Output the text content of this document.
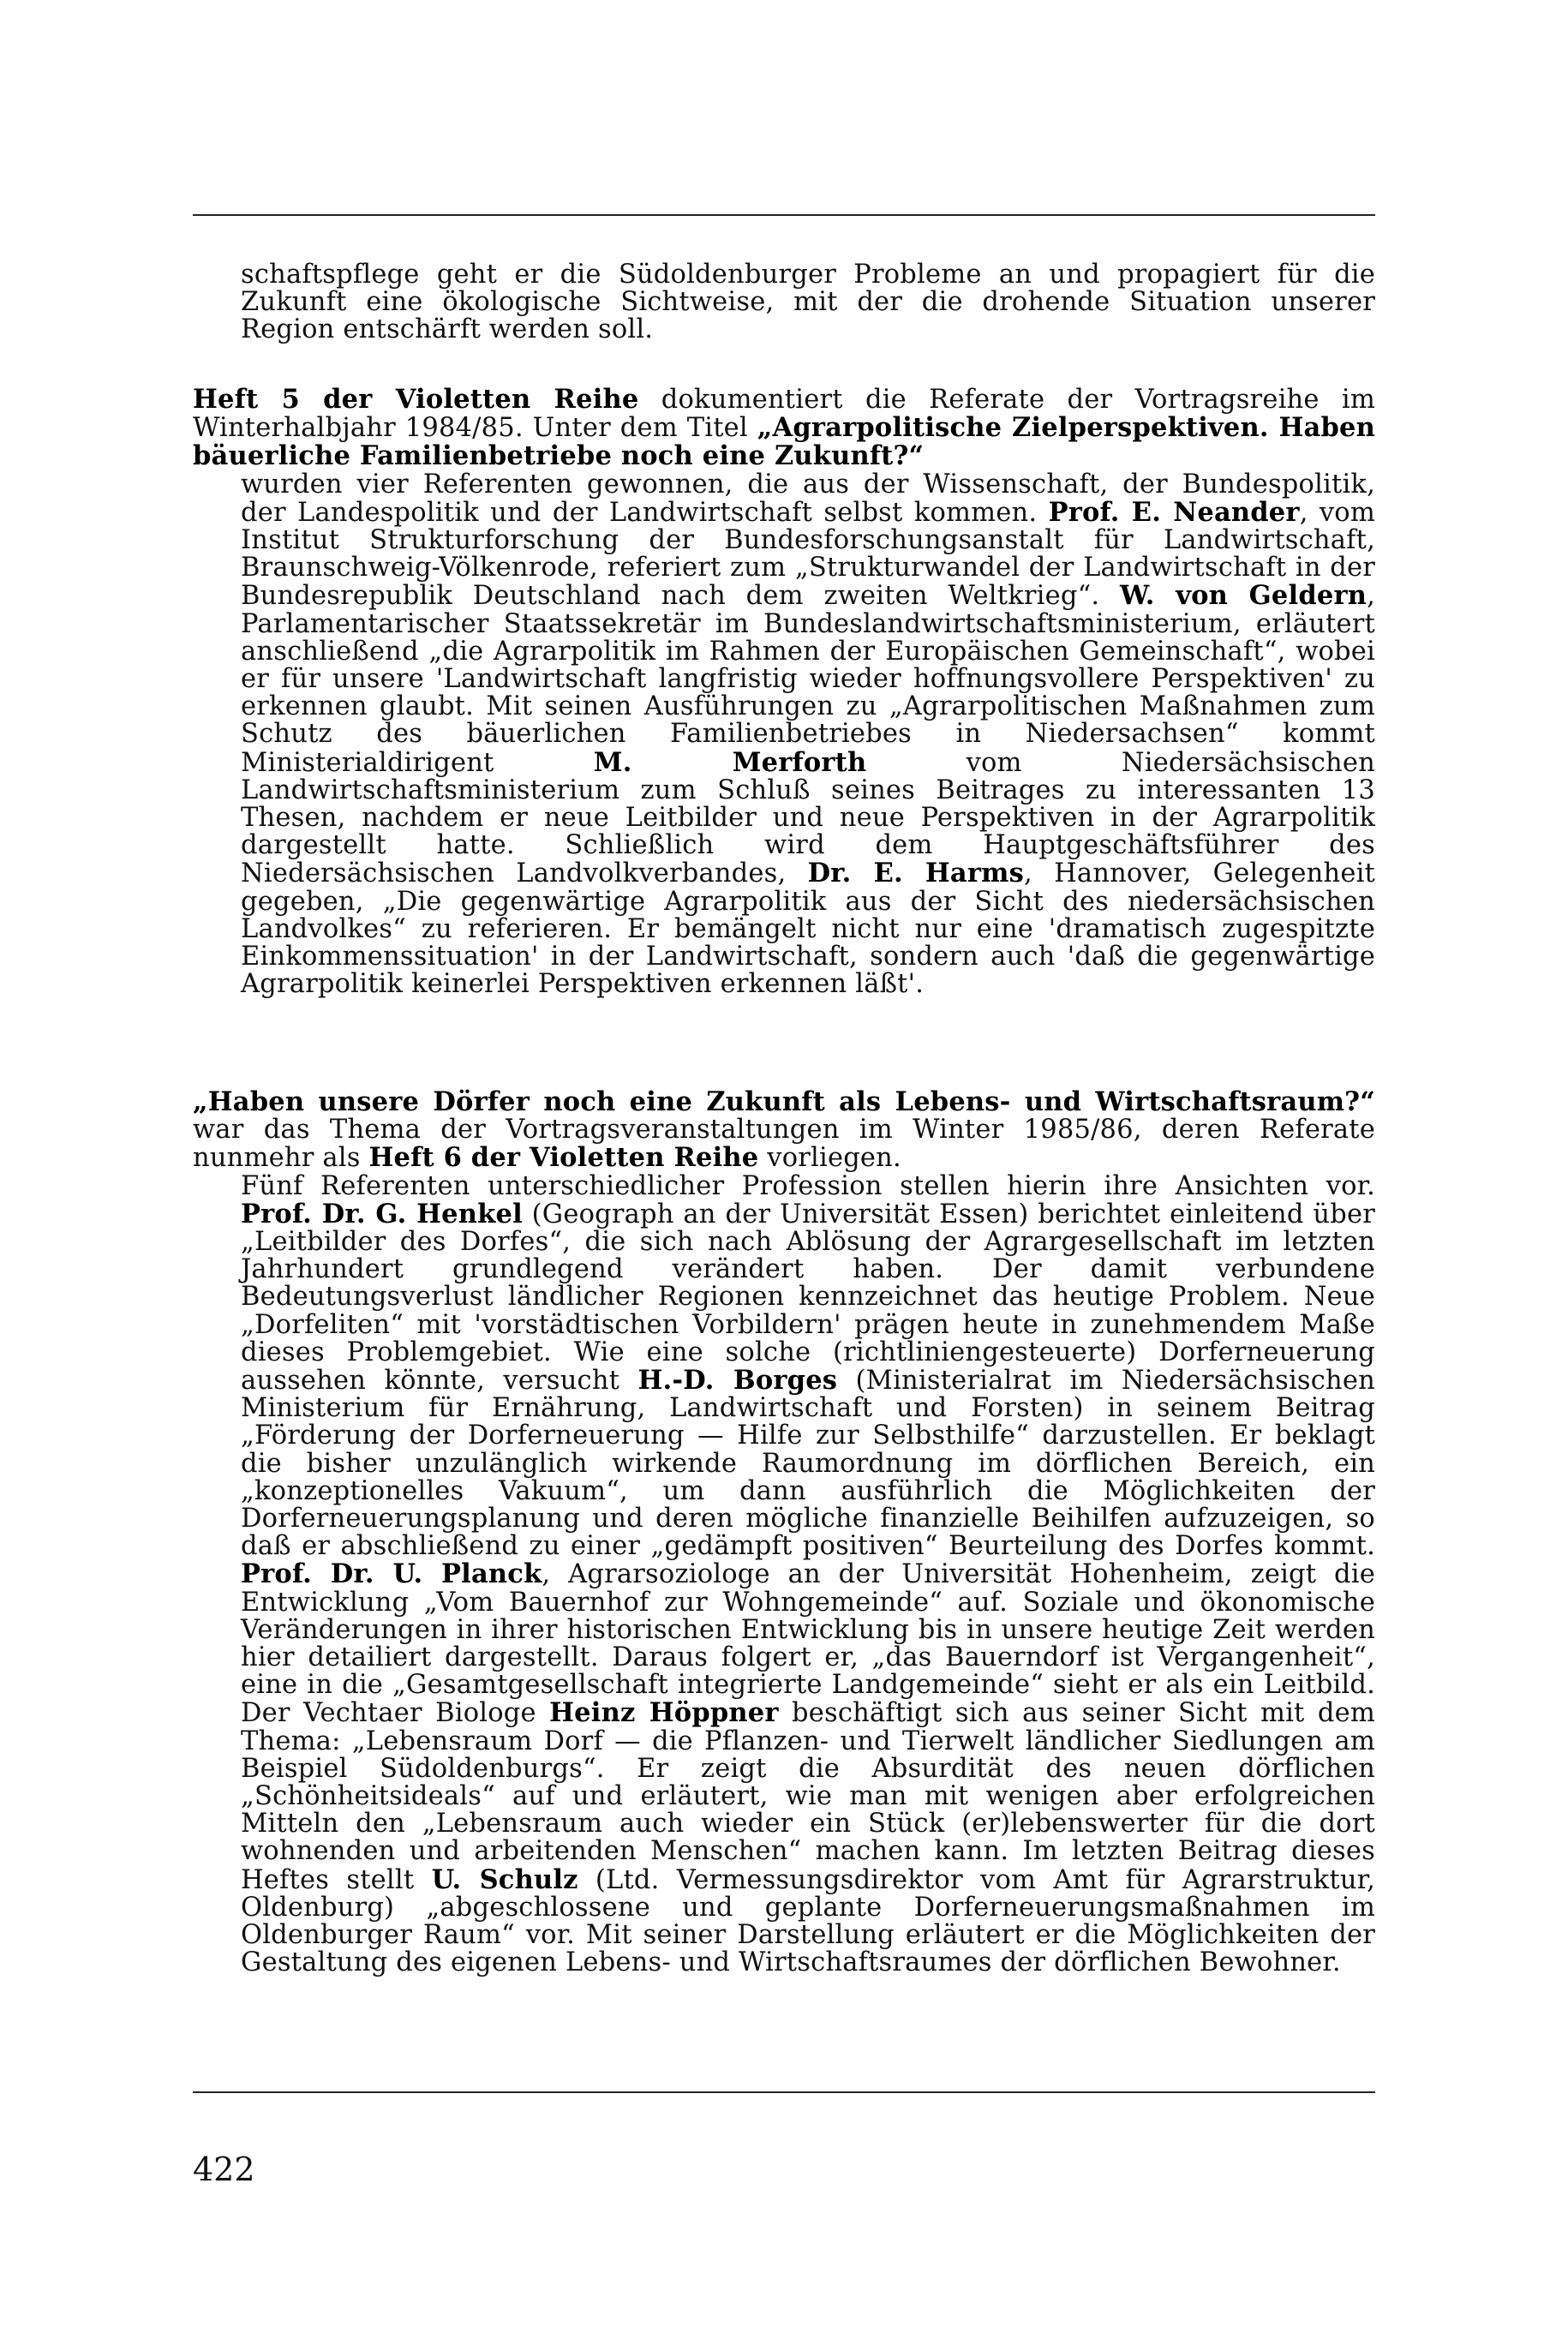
schaftspflege geht er die Südoldenburger Probleme an und propagiert für die Zukunft eine ökologische Sichtweise, mit der die drohende Situation unserer Region entschärft werden soll.

Heft 5 der Violetten Reihe dokumentiert die Referate der Vortragsreihe im Winterhalbjahr 1984/85. Unter dem Titel „Agrarpolitische Zielperspektiven. Haben bäuerliche Familienbetriebe noch eine Zukunft?“

wurden vier Referenten gewonnen, die aus der Wissenschaft, der Bundespolitik, der Landespolitik und der Landwirtschaft selbst kommen. Prof. E. Neander, vom Institut Strukturforschung der Bundesforschungsanstalt für Landwirtschaft, Braunschweig-Völkenrode, referiert zum „Strukturwandel der Landwirtschaft in der Bundesrepublik Deutschland nach dem zweiten Weltkrieg“. W. von Geldern, Parlamentarischer Staatssekretär im Bundeslandwirtschaftsministerium, erläutert anschließend „die Agrarpolitik im Rahmen der Europäischen Gemeinschaft“, wobei er für unsere 'Landwirtschaft langfristig wieder hoffnungsvollere Perspektiven' zu erkennen glaubt. Mit seinen Ausführungen zu „Agrarpolitischen Maßnahmen zum Schutz des bäuerlichen Familienbetriebes in Niedersachsen“ kommt Ministerialdirigent M. Merforth vom Niedersächsischen Landwirtschaftsministerium zum Schluß seines Beitrages zu interessanten 13 Thesen, nachdem er neue Leitbilder und neue Perspektiven in der Agrarpolitik dargestellt hatte. Schließlich wird dem Hauptgeschäftsführer des Niedersächsischen Landvolkverbandes, Dr. E. Harms, Hannover, Gelegenheit gegeben, „Die gegenwärtige Agrarpolitik aus der Sicht des niedersächsischen Landvolkes“ zu referieren. Er bemängelt nicht nur eine 'dramatisch zugespitzte Einkommenssituation' in der Landwirtschaft, sondern auch 'daß die gegenwärtige Agrarpolitik keinerlei Perspektiven erkennen läßt'.

„Haben unsere Dörfer noch eine Zukunft als Lebens- und Wirtschaftsraum?“ war das Thema der Vortragsveranstaltungen im Winter 1985/86, deren Referate nunmehr als Heft 6 der Violetten Reihe vorliegen.

Fünf Referenten unterschiedlicher Profession stellen hierin ihre Ansichten vor. Prof. Dr. G. Henkel (Geograph an der Universität Essen) berichtet einleitend über „Leitbilder des Dorfes“, die sich nach Ablösung der Agrargesellschaft im letzten Jahrhundert grundlegend verändert haben. Der damit verbundene Bedeutungsverlust ländlicher Regionen kennzeichnet das heutige Problem. Neue „Dorfeliten“ mit 'vorstädtischen Vorbildern' prägen heute in zunehmendem Maße dieses Problemgebiet. Wie eine solche (richtliniengesteuerte) Dorferneuerung aussehen könnte, versucht H.-D. Borges (Ministerialrat im Niedersächsischen Ministerium für Ernährung, Landwirtschaft und Forsten) in seinem Beitrag „Förderung der Dorferneuerung — Hilfe zur Selbsthilfe“ darzustellen. Er beklagt die bisher unzulänglich wirkende Raumordnung im dörflichen Bereich, ein „konzeptionelles Vakuum“, um dann ausführlich die Möglichkeiten der Dorferneuerungsplanung und deren mögliche finanzielle Beihilfen aufzuzeigen, so daß er abschließend zu einer „gedämpft positiven“ Beurteilung des Dorfes kommt. Prof. Dr. U. Planck, Agrarsoziologe an der Universität Hohenheim, zeigt die Entwicklung „Vom Bauernhof zur Wohngemeinde“ auf. Soziale und ökonomische Veränderungen in ihrer historischen Entwicklung bis in unsere heutige Zeit werden hier detailiert dargestellt. Daraus folgert er, „das Bauerndorf ist Vergangenheit“, eine in die „Gesamtgesellschaft integrierte Landgemeinde“ sieht er als ein Leitbild. Der Vechtaer Biologe Heinz Höppner beschäftigt sich aus seiner Sicht mit dem Thema: „Lebensraum Dorf — die Pflanzen- und Tierwelt ländlicher Siedlungen am Beispiel Südoldenburgs“. Er zeigt die Absurdität des neuen dörflichen „Schönheitsideals“ auf und erläutert, wie man mit wenigen aber erfolgreichen Mitteln den „Lebensraum auch wieder ein Stück (er)lebenswerter für die dort wohnenden und arbeitenden Menschen“ machen kann. Im letzten Beitrag dieses Heftes stellt U. Schulz (Ltd. Vermessungsdirektor vom Amt für Agrarstruktur, Oldenburg) „abgeschlossene und geplante Dorferneuerungsmaßnahmen im Oldenburger Raum“ vor. Mit seiner Darstellung erläutert er die Möglichkeiten der Gestaltung des eigenen Lebens- und Wirtschaftsraumes der dörflichen Bewohner.

422
